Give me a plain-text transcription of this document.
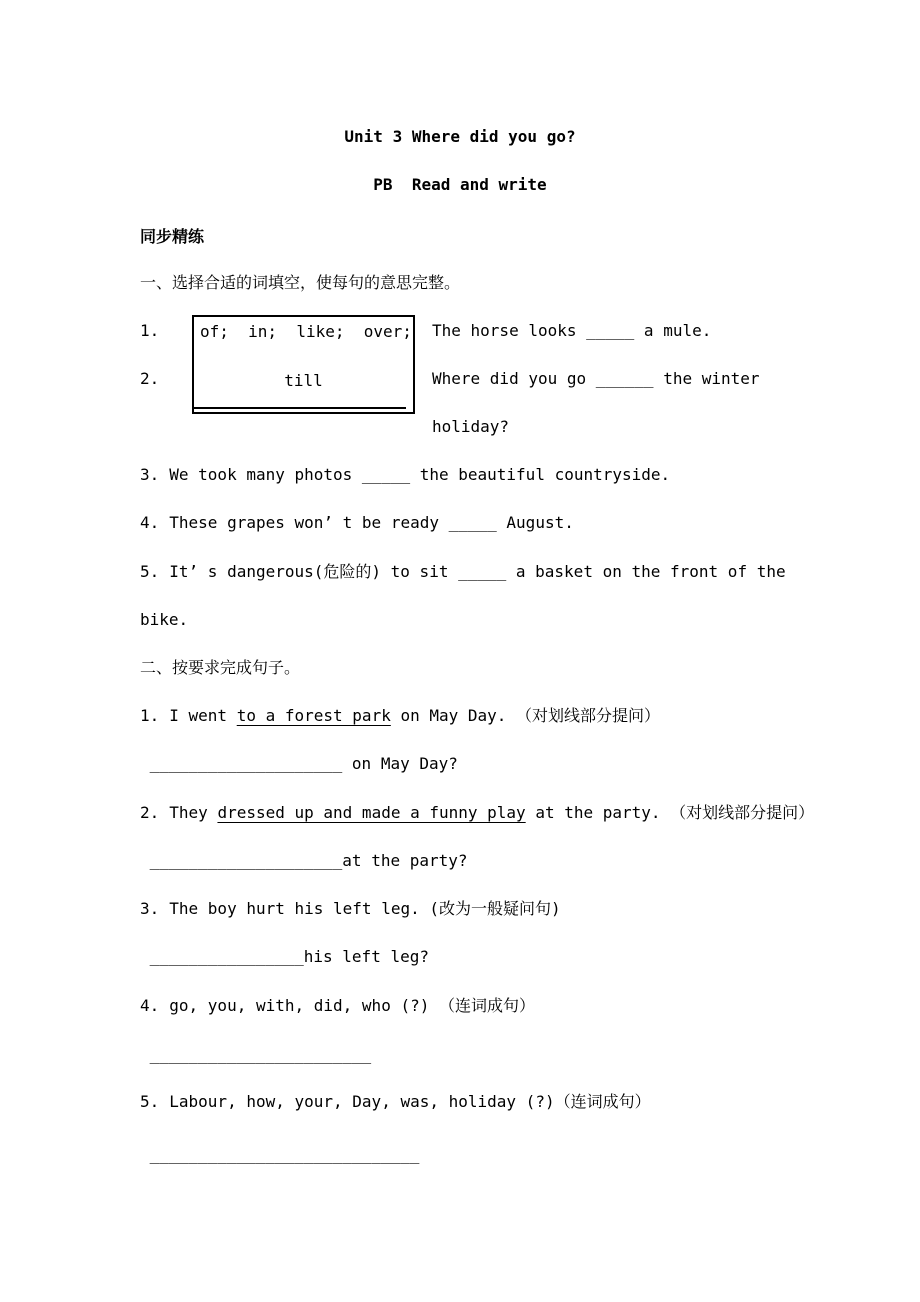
Unit 3 Where did you go?
PB  Read and write
同步精练
一、选择合适的词填空，使每句的意思完整。
1.
2.
of;  in;  like;  over;
till
The horse looks _____ a mule.
Where did you go ______ the winter
holiday?
3. We took many photos _____ the beautiful countryside.
4. These grapes won’ t be ready _____ August.
5. It’ s dangerous(危险的) to sit _____ a basket on the front of the
bike.
二、按要求完成句子。
1. I went to a forest park on May Day. （对划线部分提问）
____________________ on May Day?
2. They dressed up and made a funny play at the party. （对划线部分提问）
____________________at the party?
3. The boy hurt his left leg. (改为一般疑问句)
________________his left leg?
4. go, you, with, did, who (?) （连词成句）
_______________________
5. Labour, how, your, Day, was, holiday (?)（连词成句）
____________________________
